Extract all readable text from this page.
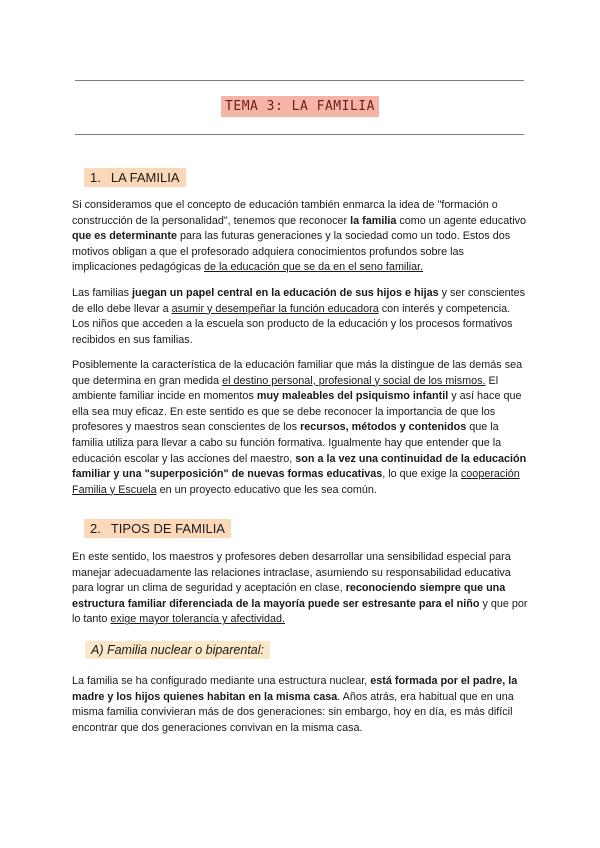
TEMA 3: LA FAMILIA
1. LA FAMILIA
Si consideramos que el concepto de educación también enmarca la idea de "formación o construcción de la personalidad", tenemos que reconocer la familia como un agente educativo que es determinante para las futuras generaciones y la sociedad como un todo. Estos dos motivos obligan a que el profesorado adquiera conocimientos profundos sobre las implicaciones pedagógicas de la educación que se da en el seno familiar.
Las familias juegan un papel central en la educación de sus hijos e hijas y ser conscientes de ello debe llevar a asumir y desempeñar la función educadora con interés y competencia. Los niños que acceden a la escuela son producto de la educación y los procesos formativos recibidos en sus familias.
Posiblemente la característica de la educación familiar que más la distingue de las demás sea que determina en gran medida el destino personal, profesional y social de los mismos. El ambiente familiar incide en momentos muy maleables del psiquismo infantil y así hace que ella sea muy eficaz. En este sentido es que se debe reconocer la importancia de que los profesores y maestros sean conscientes de los recursos, métodos y contenidos que la familia utiliza para llevar a cabo su función formativa. Igualmente hay que entender que la educación escolar y las acciones del maestro, son a la vez una continuidad de la educación familiar y una "superposición" de nuevas formas educativas, lo que exige la cooperación Familia y Escuela en un proyecto educativo que les sea común.
2. TIPOS DE FAMILIA
En este sentido, los maestros y profesores deben desarrollar una sensibilidad especial para manejar adecuadamente las relaciones intraclase, asumiendo su responsabilidad educativa para lograr un clima de seguridad y aceptación en clase, reconociendo siempre que una estructura familiar diferenciada de la mayoría puede ser estresante para el niño y que por lo tanto exige mayor tolerancia y afectividad.
A) Familia nuclear o biparental:
La familia se ha configurado mediante una estructura nuclear, está formada por el padre, la madre y los hijos quienes habitan en la misma casa. Años atrás, era habitual que en una misma familia convivieran más de dos generaciones: sin embargo, hoy en día, es más difícil encontrar que dos generaciones convivan en la misma casa.
